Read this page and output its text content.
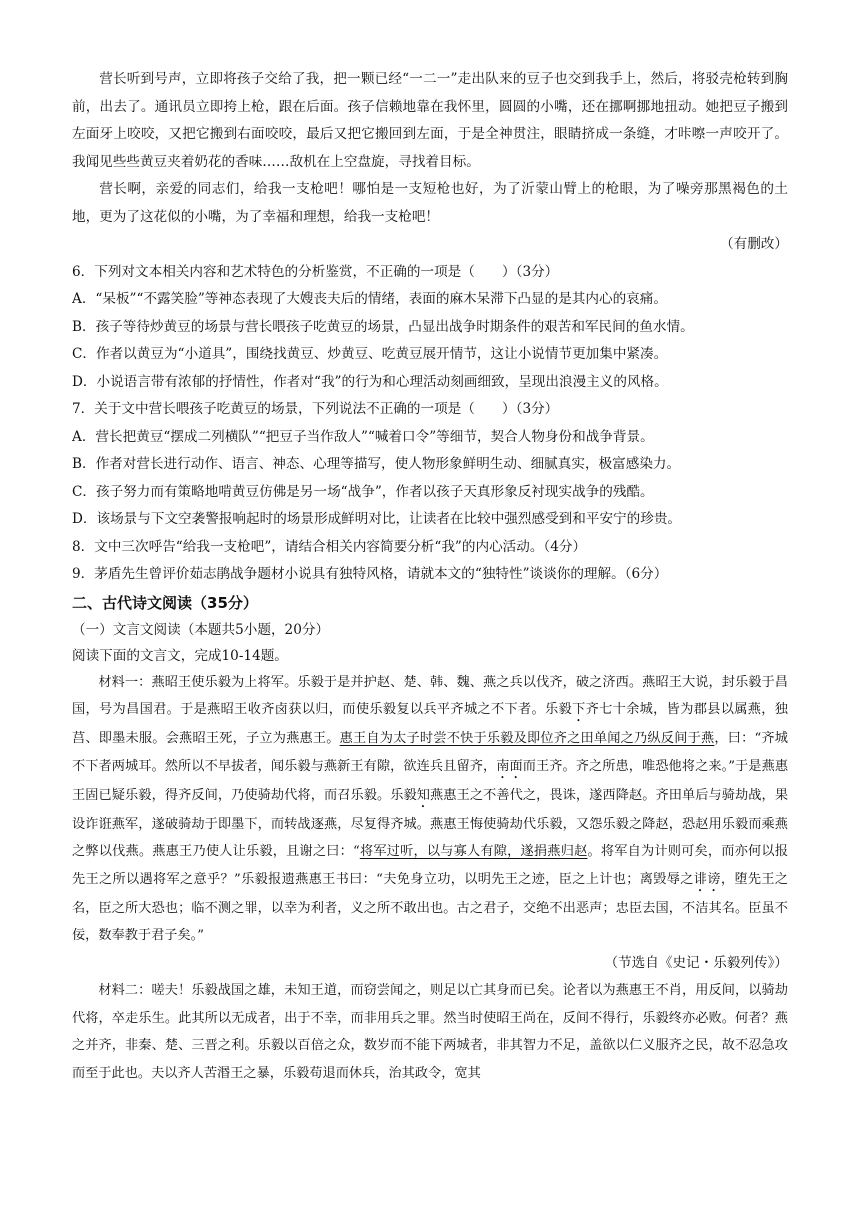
营长听到号声，立即将孩子交给了我，把一颗已经“一二一”走出队来的豆子也交到我手上，然后，将驳壳枪转到胸前，出去了。通讯员立即挎上枪，跟在后面。孩子信赖地靠在我怀里，圆圆的小嘴，还在挪啊挪地扭动。她把豆子搬到左面牙上咬咬，又把它搬到右面咬咬，最后又把它搬回到左面，于是全神贯注，眼睛挤成一条缝，才咔嚓一声咬开了。我闻见些些黄豆夹着奶花的香味……敌机在上空盘旋，寻找着目标。

营长啊，亲爱的同志们，给我一支枪吧！哪怕是一支短枪也好，为了沂蒙山臂上的枪眼，为了噪旁那黑褐色的土地，更为了这花似的小嘴，为了幸福和理想，给我一支枪吧！

（有删改）

6．下列对文本相关内容和艺术特色的分析鉴赏，不正确的一项是（　　）（3分）

A．“呆板”“不露笑脸”等神态表现了大嫂丧夫后的情绪，表面的麻木呆滞下凸显的是其内心的哀痛。

B．孩子等待炒黄豆的场景与营长喂孩子吃黄豆的场景，凸显出战争时期条件的艰苦和军民间的鱼水情。

C．作者以黄豆为“小道具”，围绕找黄豆、炒黄豆、吃黄豆展开情节，这让小说情节更加集中紧凑。

D．小说语言带有浓郁的抒情性，作者对“我”的行为和心理活动刻画细致，呈现出浪漫主义的风格。

7．关于文中营长喂孩子吃黄豆的场景，下列说法不正确的一项是（　　）（3分）

A．营长把黄豆“摆成二列横队”“把豆子当作敌人”“喊着口令”等细节，契合人物身份和战争背景。

B．作者对营长进行动作、语言、神态、心理等描写，使人物形象鲜明生动、细腻真实，极富感染力。

C．孩子努力而有策略地啃黄豆仿佛是另一场“战争”，作者以孩子天真形象反衬现实战争的残酷。

D．该场景与下文空袭警报响起时的场景形成鲜明对比，让读者在比较中强烈感受到和平安宁的珍贵。

8．文中三次呼告“给我一支枪吧”，请结合相关内容简要分析“我”的内心活动。（4分）

9．茅盾先生曾评价茹志鹃战争题材小说具有独特风格，请就本文的“独特性”谈谈你的理解。（6分）

二、古代诗文阅读（35分）

（一）文言文阅读（本题共5小题，20分）

阅读下面的文言文，完成10-14题。

材料一：燕昭王使乐毅为上将军。乐毅于是并护赵、楚、韩、魏、燕之兵以伐齐，破之济西。燕昭王大说，封乐毅于昌国，号为昌国君。于是燕昭王收齐卤获以归，而使乐毅复以兵平齐城之不下者。乐毅下齐七十余城，皆为郡县以属燕，独莒、即墨未服。会燕昭王死，子立为燕惠王。惠王自为太子时尝不快于乐毅及即位齐之田单闻之乃纵反间于燕，曰：“齐城不下者两城耳。然所以不早拔者，闻乐毅与燕新王有隙，欲连兵且留齐，南面而王齐。齐之所患，唯恐他将之来。”于是燕惠王固已疑乐毅，得齐反间，乃使骑劫代将，而召乐毅。乐毅知燕惠王之不善代之，畏诛，遂西降赵。齐田单后与骑劫战，果设诈诳燕军，遂破骑劫于即墨下，而转战逐燕，尽复得齐城。燕惠王悔使骑劫代乐毅，又怨乐毅之降赵，恐赵用乐毅而乘燕之弊以伐燕。燕惠王乃使人让乐毅，且谢之曰：“将军过听，以与寡人有隙，遂捐燕归赵。将军自为计则可矣，而亦何以报先王之所以遇将军之意乎？”乐毅报遗燕惠王书曰：“夫免身立功，以明先王之迹，臣之上计也；离毁辱之诽谤，堕先王之名，臣之所大恐也；临不测之罪，以幸为利者，义之所不敢出也。古之君子，交绝不出恶声；忠臣去国，不洁其名。臣虽不佞，数奉教于君子矣。”

（节选自《史记・乐毅列传》）

材料二：嗟夫！乐毅战国之雄，未知王道，而窃尝闻之，则足以亡其身而已矣。论者以为燕惠王不肖，用反间，以骑劫代将，卒走乐生。此其所以无成者，出于不幸，而非用兵之罪。然当时使昭王尚在，反间不得行，乐毅终亦必败。何者？燕之并齐，非秦、楚、三晋之利。乐毅以百倍之众，数岁而不能下两城者，非其智力不足，盖欲以仁义服齐之民，故不忍急攻而至于此也。夫以齐人苦湣王之暴，乐毅苟退而休兵，治其政令，宽其
